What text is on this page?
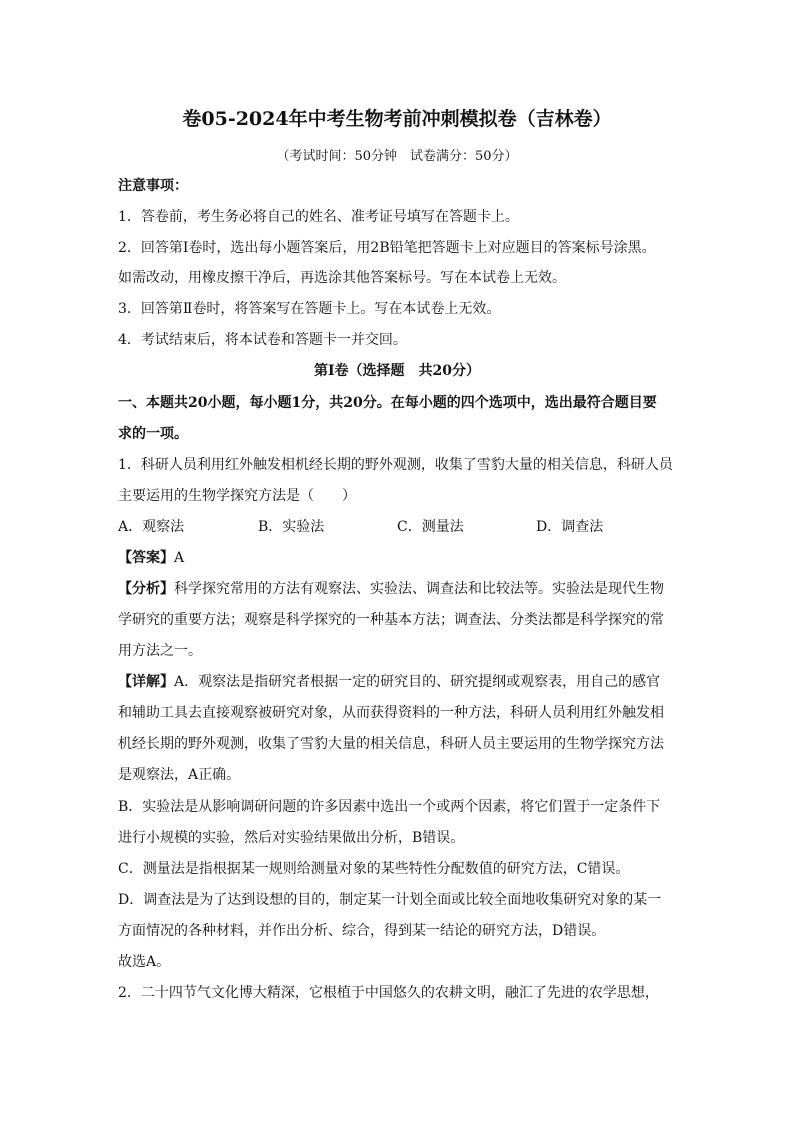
卷05-2024年中考生物考前冲刺模拟卷（吉林卷）
（考试时间：50分钟　试卷满分：50分）
注意事项：
1．答卷前，考生务必将自己的姓名、准考证号填写在答题卡上。
2．回答第Ⅰ卷时，选出每小题答案后，用2B铅笔把答题卡上对应题目的答案标号涂黑。
如需改动，用橡皮擦干净后，再选涂其他答案标号。写在本试卷上无效。
3．回答第Ⅱ卷时，将答案写在答题卡上。写在本试卷上无效。
4．考试结束后，将本试卷和答题卡一并交回。
第Ⅰ卷（选择题　共20分）
一、本题共20小题，每小题1分，共20分。在每小题的四个选项中，选出最符合题目要
求的一项。
1．科研人员利用红外触发相机经长期的野外观测，收集了雪豹大量的相关信息，科研人员
主要运用的生物学探究方法是（　　）
A．观察法	B．实验法	C．测量法	D．调查法
【答案】A
【分析】科学探究常用的方法有观察法、实验法、调查法和比较法等。实验法是现代生物
学研究的重要方法；观察是科学探究的一种基本方法；调查法、分类法都是科学探究的常
用方法之一。
【详解】A．观察法是指研究者根据一定的研究目的、研究提纲或观察表，用自己的感官
和辅助工具去直接观察被研究对象，从而获得资料的一种方法，科研人员利用红外触发相
机经长期的野外观测，收集了雪豹大量的相关信息，科研人员主要运用的生物学探究方法
是观察法，A正确。
B．实验法是从影响调研问题的许多因素中选出一个或两个因素，将它们置于一定条件下
进行小规模的实验，然后对实验结果做出分析，B错误。
C．测量法是指根据某一规则给测量对象的某些特性分配数值的研究方法，C错误。
D．调查法是为了达到设想的目的，制定某一计划全面或比较全面地收集研究对象的某一
方面情况的各种材料，并作出分析、综合，得到某一结论的研究方法，D错误。
故选A。
2．二十四节气文化博大精深，它根植于中国悠久的农耕文明，融汇了先进的农学思想，
